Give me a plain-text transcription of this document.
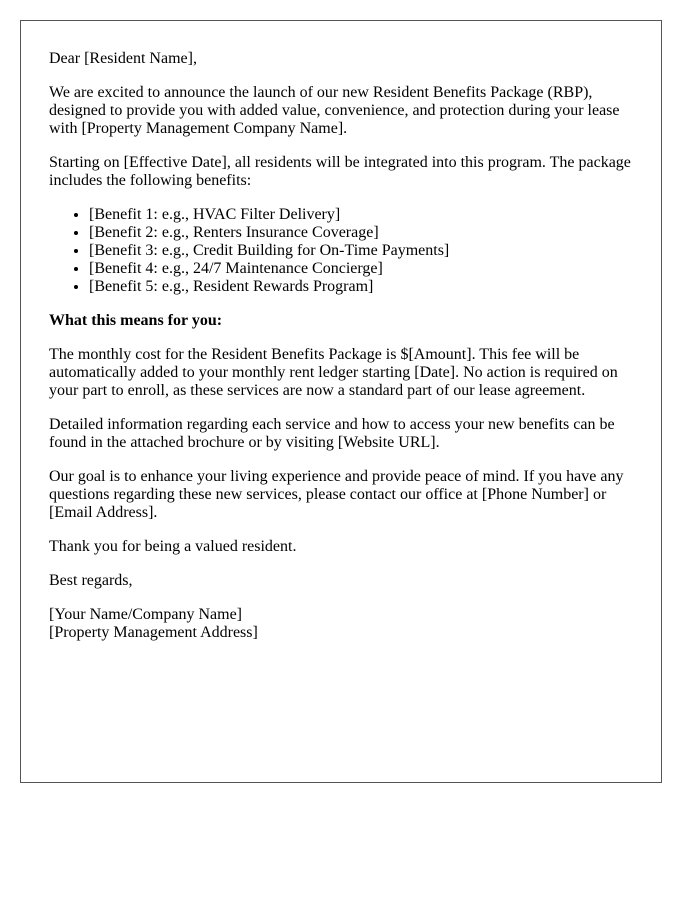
Dear [Resident Name],

We are excited to announce the launch of our new Resident Benefits Package (RBP), designed to provide you with added value, convenience, and protection during your lease with [Property Management Company Name].

Starting on [Effective Date], all residents will be integrated into this program. The package includes the following benefits:

• [Benefit 1: e.g., HVAC Filter Delivery]
• [Benefit 2: e.g., Renters Insurance Coverage]
• [Benefit 3: e.g., Credit Building for On-Time Payments]
• [Benefit 4: e.g., 24/7 Maintenance Concierge]
• [Benefit 5: e.g., Resident Rewards Program]

What this means for you:

The monthly cost for the Resident Benefits Package is $[Amount]. This fee will be automatically added to your monthly rent ledger starting [Date]. No action is required on your part to enroll, as these services are now a standard part of our lease agreement.

Detailed information regarding each service and how to access your new benefits can be found in the attached brochure or by visiting [Website URL].

Our goal is to enhance your living experience and provide peace of mind. If you have any questions regarding these new services, please contact our office at [Phone Number] or [Email Address].

Thank you for being a valued resident.

Best regards,

[Your Name/Company Name]
[Property Management Address]
